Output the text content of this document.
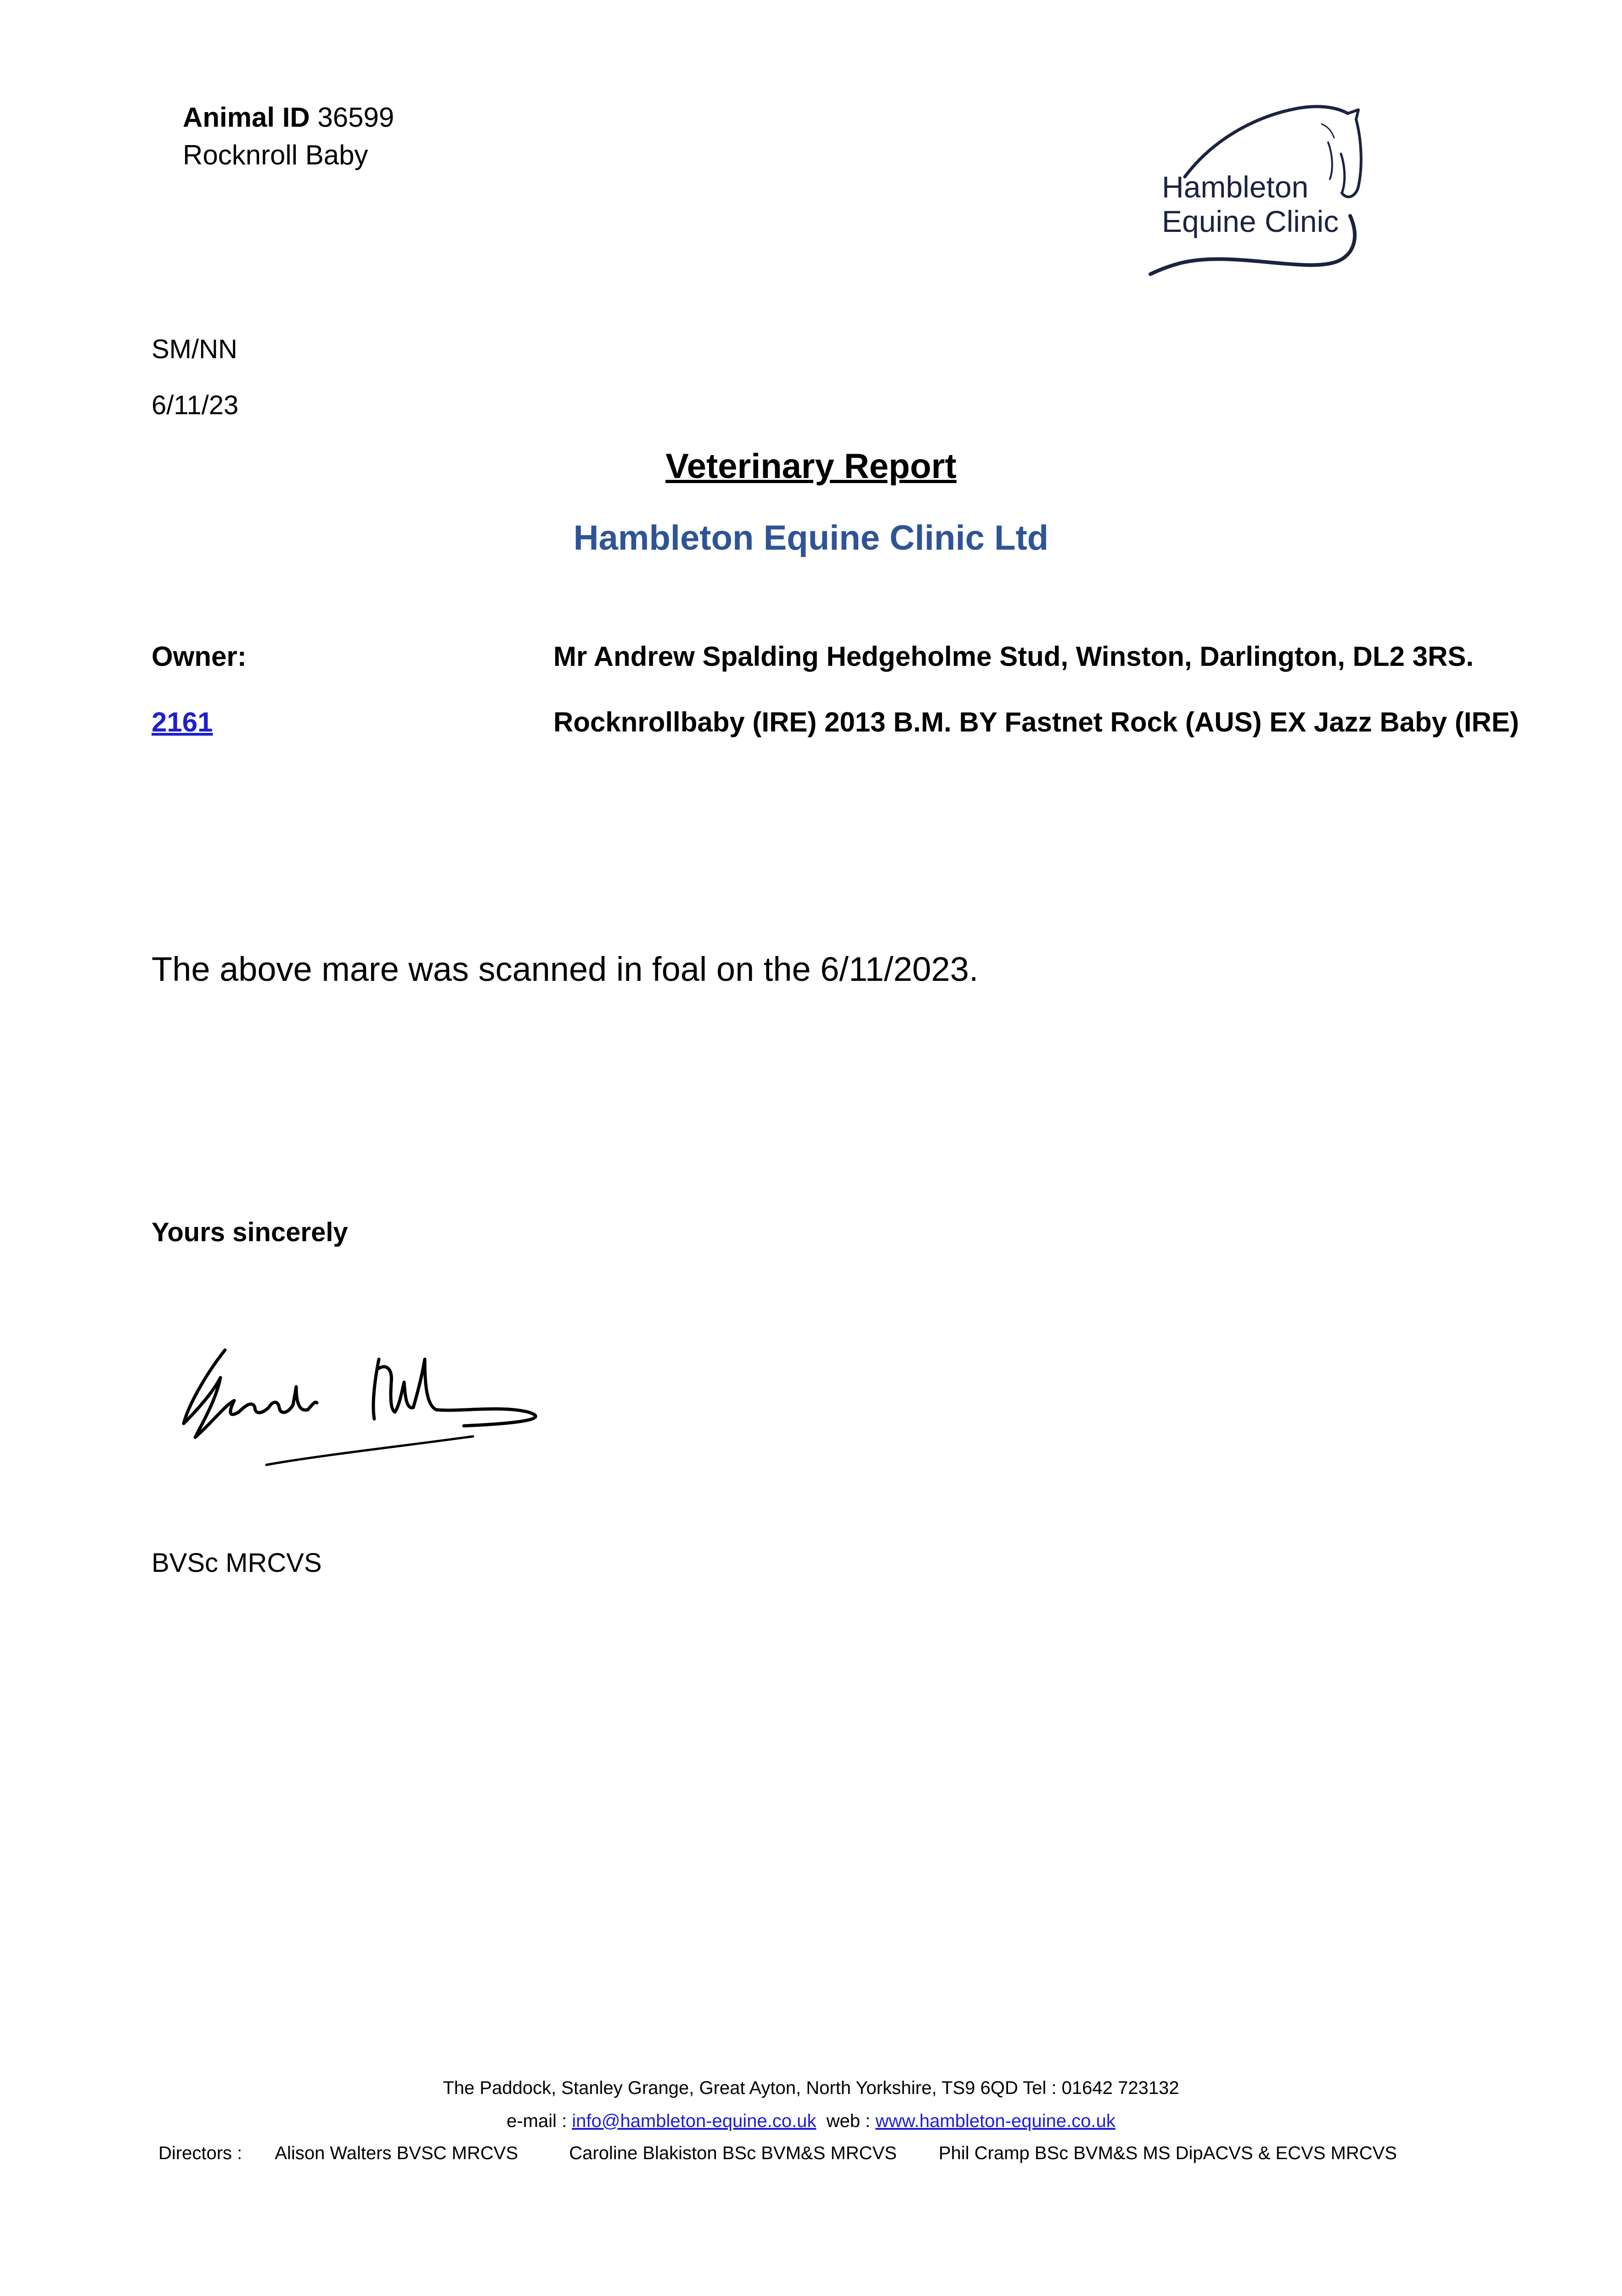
Animal ID 36599
Rocknroll Baby
Hambleton
Equine Clinic
SM/NN
6/11/23
Veterinary Report
Hambleton Equine Clinic Ltd
Owner:	Mr Andrew Spalding Hedgeholme Stud, Winston, Darlington, DL2 3RS.
2161	Rocknrollbaby (IRE) 2013 B.M. BY Fastnet Rock (AUS) EX Jazz Baby (IRE)
The above mare was scanned in foal on the 6/11/2023.
Yours sincerely
BVSc MRCVS
The Paddock, Stanley Grange, Great Ayton, North Yorkshire, TS9 6QD Tel : 01642 723132
e-mail : info@hambleton-equine.co.uk web : www.hambleton-equine.co.uk
Directors : Alison Walters BVSC MRCVS	Caroline Blakiston BSc BVM&S MRCVS Phil Cramp BSc BVM&S MS DipACVS & ECVS MRCVS
